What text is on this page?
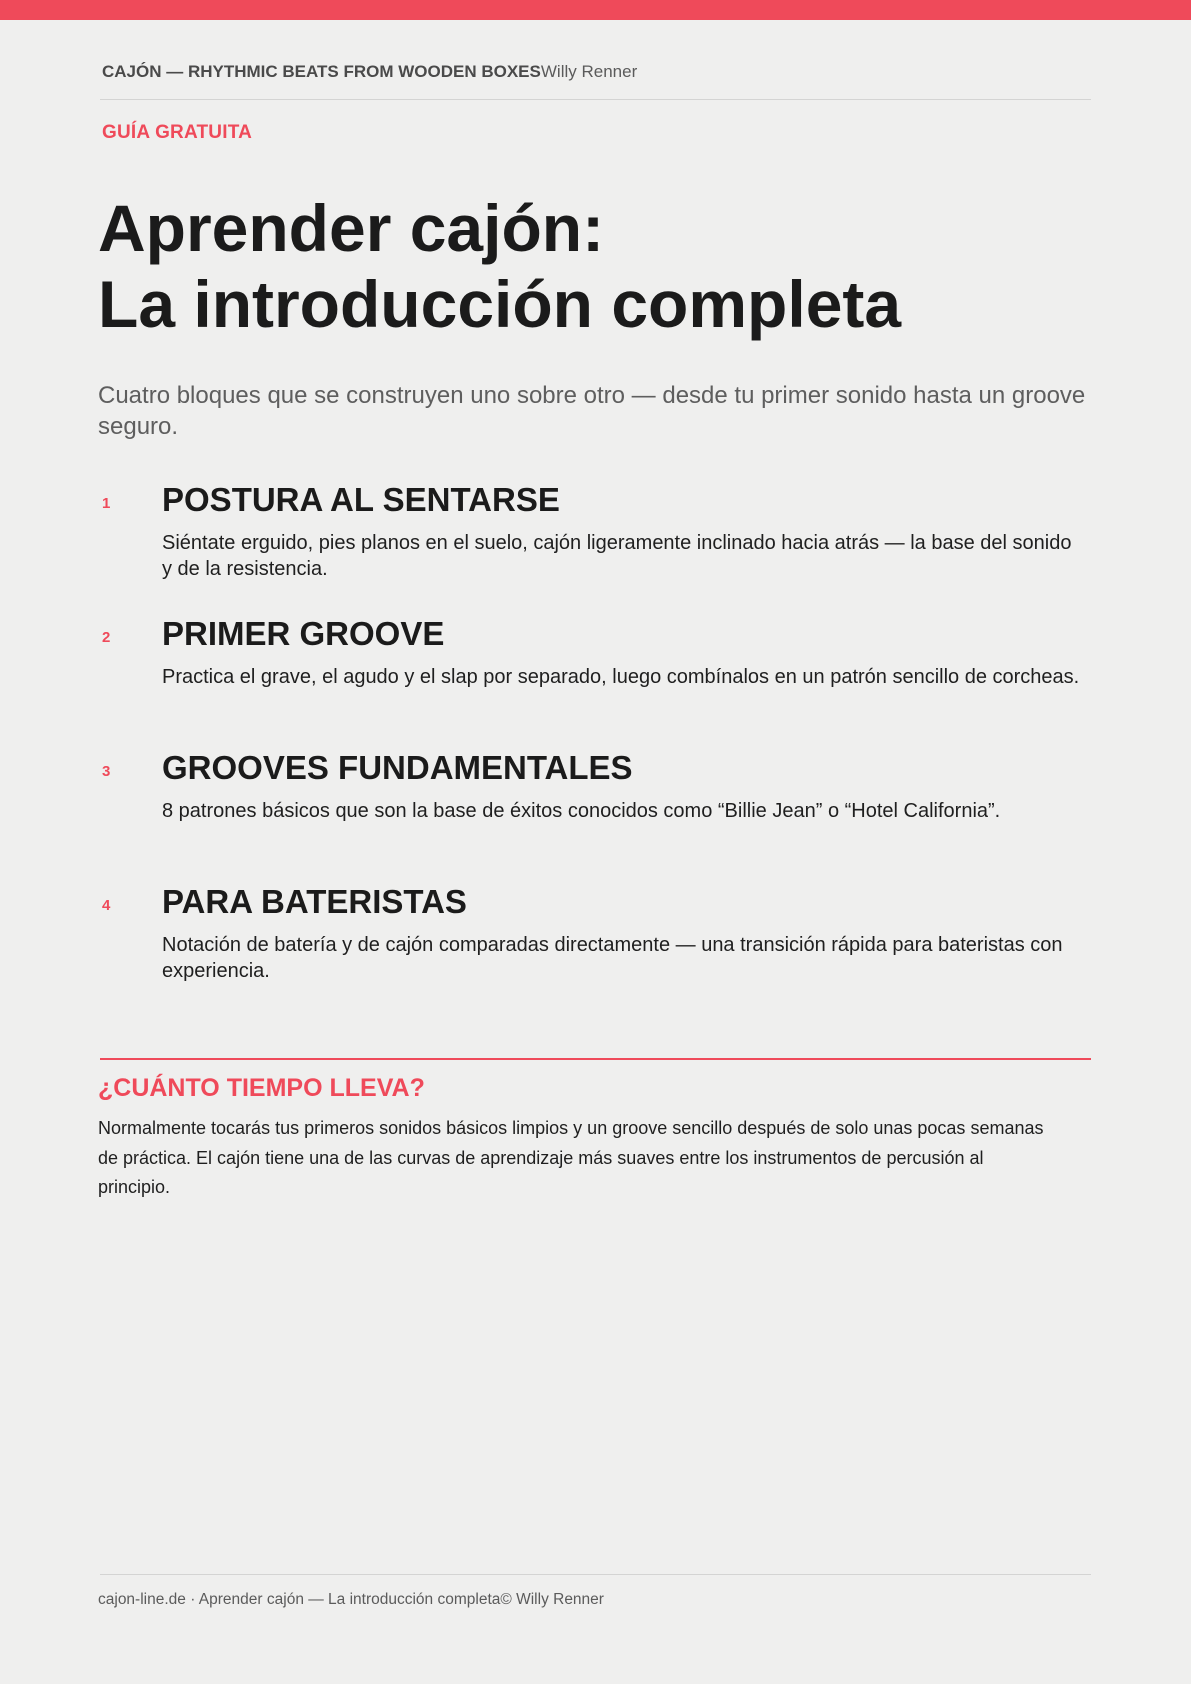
CAJÓN — RHYTHMIC BEATS FROM WOODEN BOXESWilly Renner
GUÍA GRATUITA
Aprender cajón:
La introducción completa

Cuatro bloques que se construyen uno sobre otro — desde tu primer sonido hasta un groove seguro.

1 POSTURA AL SENTARSE

Siéntate erguido, pies planos en el suelo, cajón ligeramente inclinado hacia atrás — la base del sonido y de la resistencia.

2 PRIMER GROOVE

Practica el grave, el agudo y el slap por separado, luego combínalos en un patrón sencillo de corcheas.

3 GROOVES FUNDAMENTALES

8 patrones básicos que son la base de éxitos conocidos como “Billie Jean” o “Hotel California”.

4 PARA BATERISTAS

Notación de batería y de cajón comparadas directamente — una transición rápida para bateristas con experiencia.

¿CUÁNTO TIEMPO LLEVA?

Normalmente tocarás tus primeros sonidos básicos limpios y un groove sencillo después de solo unas pocas semanas de práctica. El cajón tiene una de las curvas de aprendizaje más suaves entre los instrumentos de percusión al principio.

cajon-line.de · Aprender cajón — La introducción completa© Willy Renner
